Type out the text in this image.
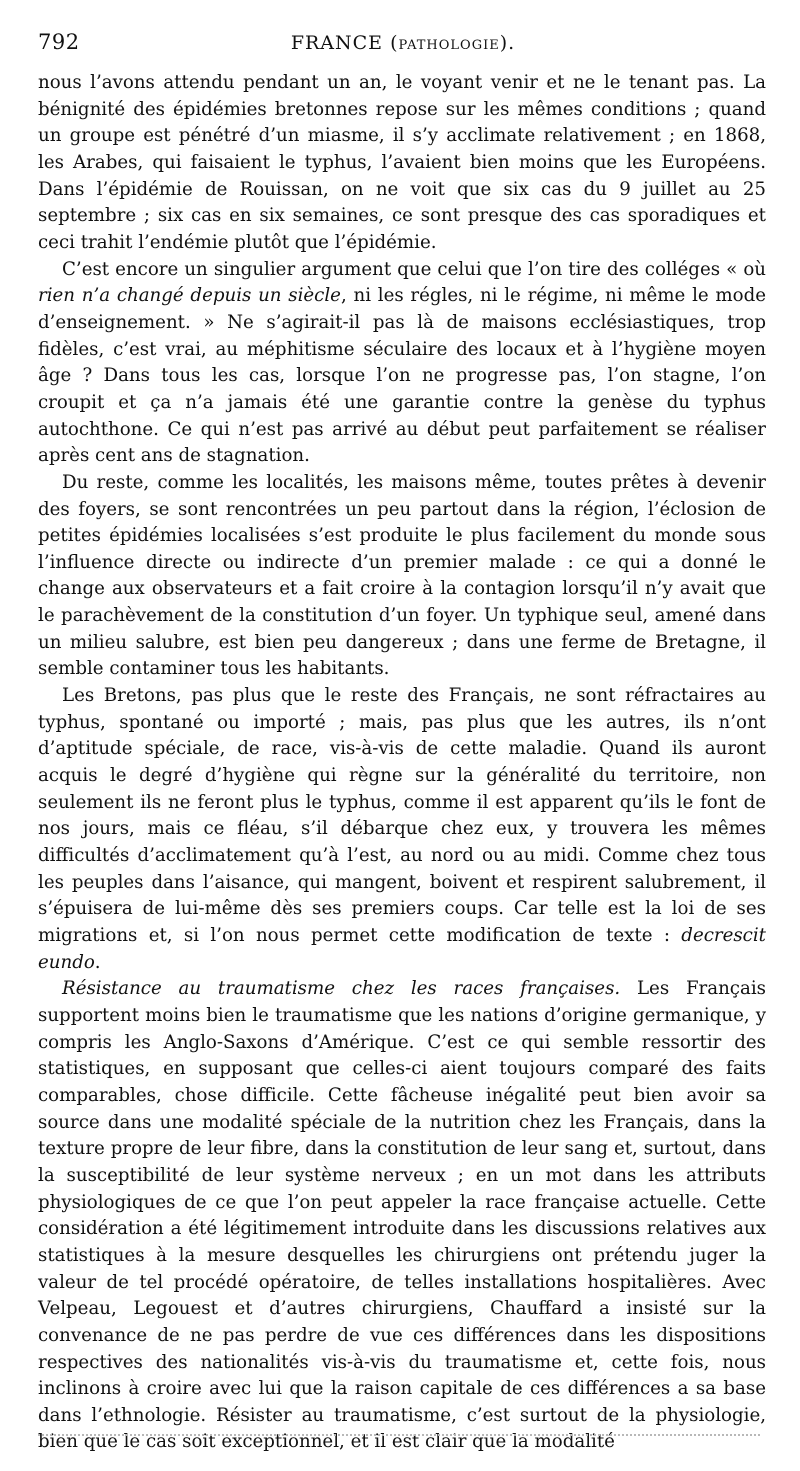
792	FRANCE (PATHOLOGIE).

nous l’avons attendu pendant un an, le voyant venir et ne le tenant pas. La bénignité des épidémies bretonnes repose sur les mêmes conditions ; quand un groupe est pénétré d’un miasme, il s’y acclimate relativement ; en 1868, les Arabes, qui faisaient le typhus, l’avaient bien moins que les Européens. Dans l’épidémie de Rouissan, on ne voit que six cas du 9 juillet au 25 septembre ; six cas en six semaines, ce sont presque des cas sporadiques et ceci trahit l’endémie plutôt que l’épidémie.

C’est encore un singulier argument que celui que l’on tire des colléges « où rien n’a changé depuis un siècle, ni les régles, ni le régime, ni même le mode d’enseignement. » Ne s’agirait-il pas là de maisons ecclésiastiques, trop fidèles, c’est vrai, au méphitisme séculaire des locaux et à l’hygiène moyen âge ? Dans tous les cas, lorsque l’on ne progresse pas, l’on stagne, l’on croupit et ça n’a jamais été une garantie contre la genèse du typhus autochthone. Ce qui n’est pas arrivé au début peut parfaitement se réaliser après cent ans de stagnation.

Du reste, comme les localités, les maisons même, toutes prêtes à devenir des foyers, se sont rencontrées un peu partout dans la région, l’éclosion de petites épidémies localisées s’est produite le plus facilement du monde sous l’influence directe ou indirecte d’un premier malade : ce qui a donné le change aux observateurs et a fait croire à la contagion lorsqu’il n’y avait que le parachèvement de la constitution d’un foyer. Un typhique seul, amené dans un milieu salubre, est bien peu dangereux ; dans une ferme de Bretagne, il semble contaminer tous les habitants.

Les Bretons, pas plus que le reste des Français, ne sont réfractaires au typhus, spontané ou importé ; mais, pas plus que les autres, ils n’ont d’aptitude spéciale, de race, vis-à-vis de cette maladie. Quand ils auront acquis le degré d’hygiène qui règne sur la généralité du territoire, non seulement ils ne feront plus le typhus, comme il est apparent qu’ils le font de nos jours, mais ce fléau, s’il débarque chez eux, y trouvera les mêmes difficultés d’acclimatement qu’à l’est, au nord ou au midi. Comme chez tous les peuples dans l’aisance, qui mangent, boivent et respirent salubrement, il s’épuisera de lui-même dès ses premiers coups. Car telle est la loi de ses migrations et, si l’on nous permet cette modification de texte : decrescit eundo.

Résistance au traumatisme chez les races françaises. Les Français supportent moins bien le traumatisme que les nations d’origine germanique, y compris les Anglo-Saxons d’Amérique. C’est ce qui semble ressortir des statistiques, en supposant que celles-ci aient toujours comparé des faits comparables, chose difficile. Cette fâcheuse inégalité peut bien avoir sa source dans une modalité spéciale de la nutrition chez les Français, dans la texture propre de leur fibre, dans la constitution de leur sang et, surtout, dans la susceptibilité de leur système nerveux ; en un mot dans les attributs physiologiques de ce que l’on peut appeler la race française actuelle. Cette considération a été légitimement introduite dans les discussions relatives aux statistiques à la mesure desquelles les chirurgiens ont prétendu juger la valeur de tel procédé opératoire, de telles installations hospitalières. Avec Velpeau, Legouest et d’autres chirurgiens, Chauffard a insisté sur la convenance de ne pas perdre de vue ces différences dans les dispositions respectives des nationalités vis-à-vis du traumatisme et, cette fois, nous inclinons à croire avec lui que la raison capitale de ces différences a sa base dans l’ethnologie. Résister au traumatisme, c’est surtout de la physiologie, bien que le cas soit exceptionnel, et il est clair que la modalité
